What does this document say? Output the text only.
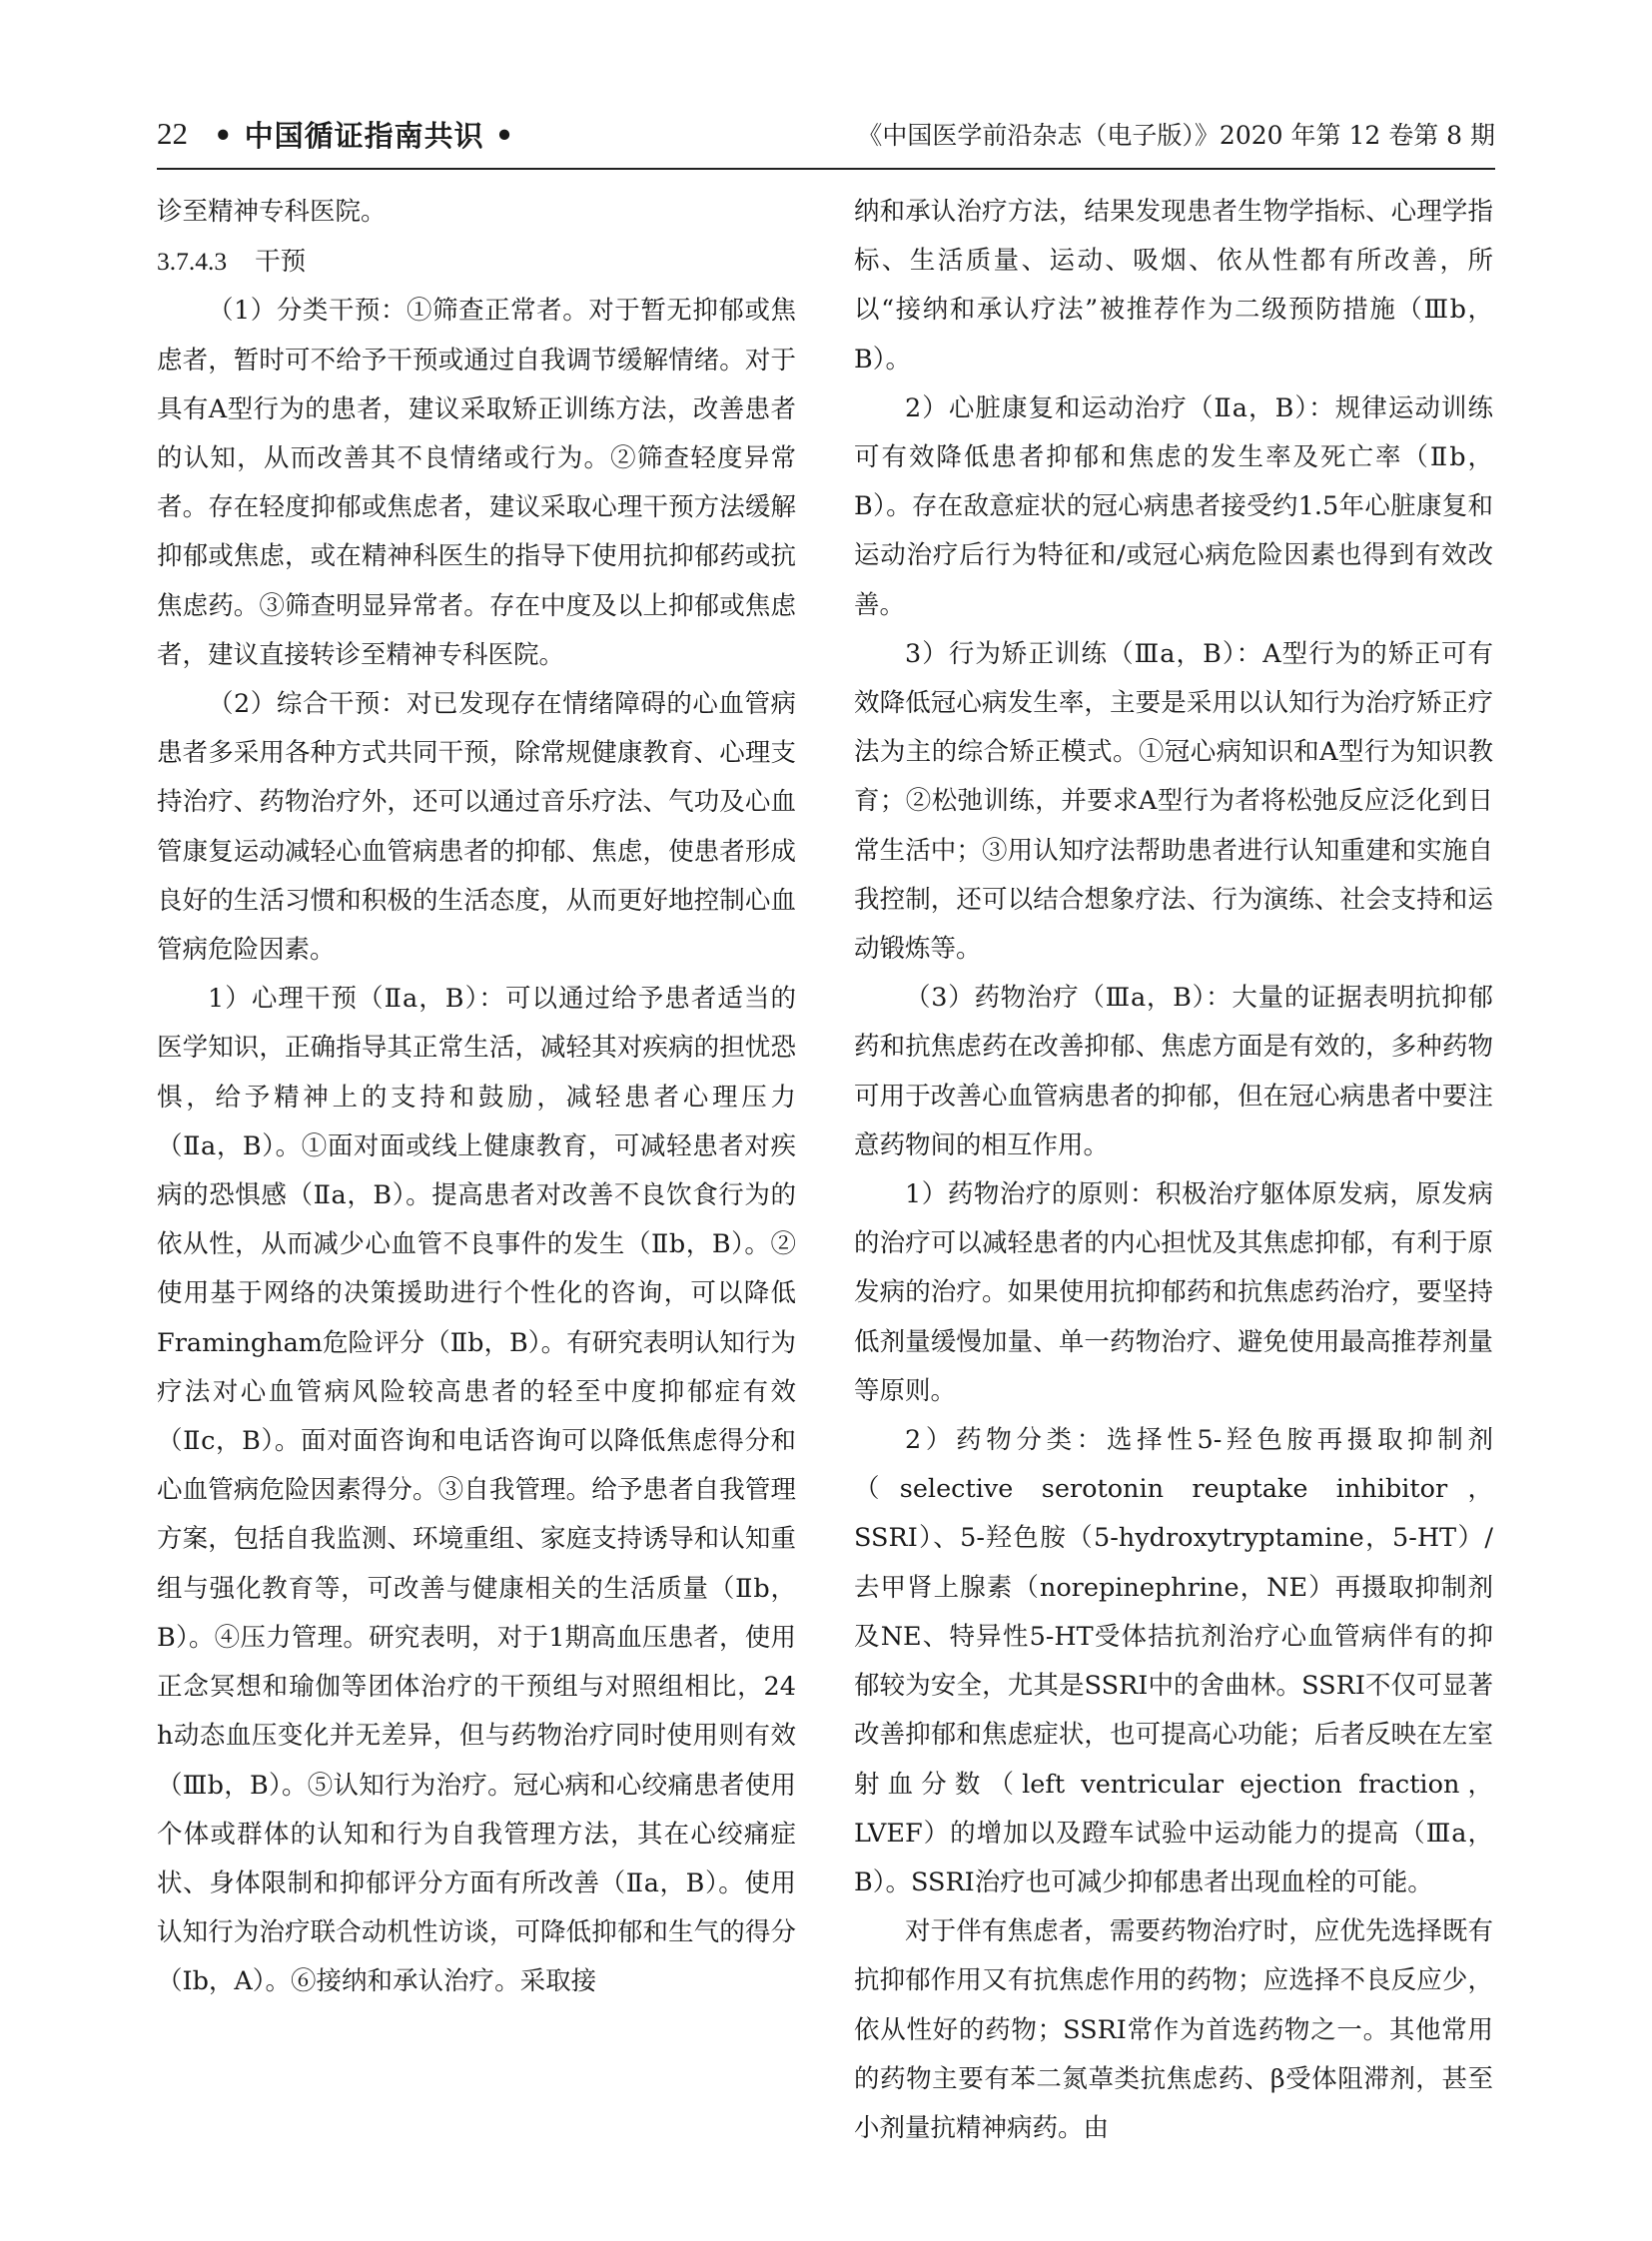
22 • 中国循证指南共识 •	《中国医学前沿杂志（电子版）》2020 年第 12 卷第 8 期

诊至精神专科医院。

3.7.4.3 干预

（1）分类干预：①筛查正常者。对于暂无抑郁或焦虑者，暂时可不给予干预或通过自我调节缓解情绪。对于具有A型行为的患者，建议采取矫正训练方法，改善患者的认知，从而改善其不良情绪或行为。②筛查轻度异常者。存在轻度抑郁或焦虑者，建议采取心理干预方法缓解抑郁或焦虑，或在精神科医生的指导下使用抗抑郁药或抗焦虑药。③筛查明显异常者。存在中度及以上抑郁或焦虑者，建议直接转诊至精神专科医院。

（2）综合干预：对已发现存在情绪障碍的心血管病患者多采用各种方式共同干预，除常规健康教育、心理支持治疗、药物治疗外，还可以通过音乐疗法、气功及心血管康复运动减轻心血管病患者的抑郁、焦虑，使患者形成良好的生活习惯和积极的生活态度，从而更好地控制心血管病危险因素。

1）心理干预（Ⅱa，B）：可以通过给予患者适当的医学知识，正确指导其正常生活，减轻其对疾病的担忧恐惧，给予精神上的支持和鼓励，减轻患者心理压力（Ⅱa，B）。①面对面或线上健康教育，可减轻患者对疾病的恐惧感（Ⅱa，B）。提高患者对改善不良饮食行为的依从性，从而减少心血管不良事件的发生（Ⅱb，B）。②使用基于网络的决策援助进行个性化的咨询，可以降低Framingham危险评分（Ⅱb，B）。有研究表明认知行为疗法对心血管病风险较高患者的轻至中度抑郁症有效（Ⅱc，B）。面对面咨询和电话咨询可以降低焦虑得分和心血管病危险因素得分。③自我管理。给予患者自我管理方案，包括自我监测、环境重组、家庭支持诱导和认知重组与强化教育等，可改善与健康相关的生活质量（Ⅱb，B）。④压力管理。研究表明，对于1期高血压患者，使用正念冥想和瑜伽等团体治疗的干预组与对照组相比，24 h动态血压变化并无差异，但与药物治疗同时使用则有效（Ⅲb，B）。⑤认知行为治疗。冠心病和心绞痛患者使用个体或群体的认知和行为自我管理方法，其在心绞痛症状、身体限制和抑郁评分方面有所改善（Ⅱa，B）。使用认知行为治疗联合动机性访谈，可降低抑郁和生气的得分（Ⅰb，A）。⑥接纳和承认治疗。采取接

纳和承认治疗方法，结果发现患者生物学指标、心理学指标、生活质量、运动、吸烟、依从性都有所改善，所以“接纳和承认疗法”被推荐作为二级预防措施（Ⅲb，B）。

2）心脏康复和运动治疗（Ⅱa，B）：规律运动训练可有效降低患者抑郁和焦虑的发生率及死亡率（Ⅱb，B）。存在敌意症状的冠心病患者接受约1.5年心脏康复和运动治疗后行为特征和/或冠心病危险因素也得到有效改善。

3）行为矫正训练（Ⅲa，B）：A型行为的矫正可有效降低冠心病发生率，主要是采用以认知行为治疗矫正疗法为主的综合矫正模式。①冠心病知识和A型行为知识教育；②松弛训练，并要求A型行为者将松弛反应泛化到日常生活中；③用认知疗法帮助患者进行认知重建和实施自我控制，还可以结合想象疗法、行为演练、社会支持和运动锻炼等。

（3）药物治疗（Ⅲa，B）：大量的证据表明抗抑郁药和抗焦虑药在改善抑郁、焦虑方面是有效的，多种药物可用于改善心血管病患者的抑郁，但在冠心病患者中要注意药物间的相互作用。

1）药物治疗的原则：积极治疗躯体原发病，原发病的治疗可以减轻患者的内心担忧及其焦虑抑郁，有利于原发病的治疗。如果使用抗抑郁药和抗焦虑药治疗，要坚持低剂量缓慢加量、单一药物治疗、避免使用最高推荐剂量等原则。

2）药物分类：选择性5-羟色胺再摄取抑制剂（selective serotonin reuptake inhibitor，SSRI）、5-羟色胺（5-hydroxytryptamine，5-HT）/去甲肾上腺素（norepinephrine，NE）再摄取抑制剂及NE、特异性5-HT受体拮抗剂治疗心血管病伴有的抑郁较为安全，尤其是SSRI中的舍曲林。SSRI不仅可显著改善抑郁和焦虑症状，也可提高心功能；后者反映在左室射血分数（left ventricular ejection fraction，LVEF）的增加以及蹬车试验中运动能力的提高（Ⅲa，B）。SSRI治疗也可减少抑郁患者出现血栓的可能。

对于伴有焦虑者，需要药物治疗时，应优先选择既有抗抑郁作用又有抗焦虑作用的药物；应选择不良反应少，依从性好的药物；SSRI常作为首选药物之一。其他常用的药物主要有苯二氮䓬类抗焦虑药、β受体阻滞剂，甚至小剂量抗精神病药。由
